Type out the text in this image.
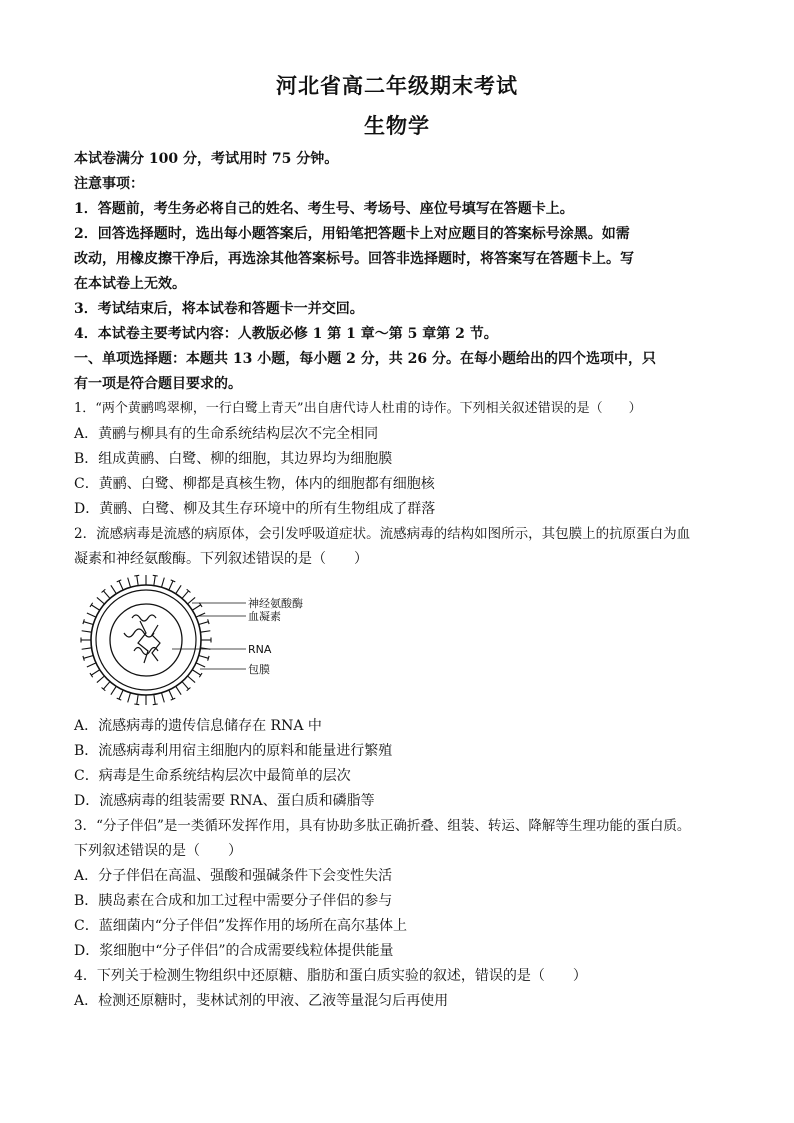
河北省高二年级期末考试
生物学
本试卷满分 100 分，考试用时 75 分钟。
注意事项：
1．答题前，考生务必将自己的姓名、考生号、考场号、座位号填写在答题卡上。
2．回答选择题时，选出每小题答案后，用铅笔把答题卡上对应题目的答案标号涂黑。如需
改动，用橡皮擦干净后，再选涂其他答案标号。回答非选择题时，将答案写在答题卡上。写
在本试卷上无效。
3．考试结束后，将本试卷和答题卡一并交回。
4．本试卷主要考试内容：人教版必修 1 第 1 章～第 5 章第 2 节。
一、单项选择题：本题共 13 小题，每小题 2 分，共 26 分。在每小题给出的四个选项中，只
有一项是符合题目要求的。
1．“两个黄鹂鸣翠柳，一行白鹭上青天”出自唐代诗人杜甫的诗作。下列相关叙述错误的是（　　）
A．黄鹂与柳具有的生命系统结构层次不完全相同
B．组成黄鹂、白鹭、柳的细胞，其边界均为细胞膜
C．黄鹂、白鹭、柳都是真核生物，体内的细胞都有细胞核
D．黄鹂、白鹭、柳及其生存环境中的所有生物组成了群落
2．流感病毒是流感的病原体，会引发呼吸道症状。流感病毒的结构如图所示，其包膜上的抗原蛋白为血
凝素和神经氨酸酶。下列叙述错误的是（　　）
神经氨酸酶
血凝素
RNA
包膜
A．流感病毒的遗传信息储存在 RNA 中
B．流感病毒利用宿主细胞内的原料和能量进行繁殖
C．病毒是生命系统结构层次中最简单的层次
D．流感病毒的组装需要 RNA、蛋白质和磷脂等
3．“分子伴侣”是一类循环发挥作用，具有协助多肽正确折叠、组装、转运、降解等生理功能的蛋白质。
下列叙述错误的是（　　）
A．分子伴侣在高温、强酸和强碱条件下会变性失活
B．胰岛素在合成和加工过程中需要分子伴侣的参与
C．蓝细菌内“分子伴侣”发挥作用的场所在高尔基体上
D．浆细胞中“分子伴侣”的合成需要线粒体提供能量
4．下列关于检测生物组织中还原糖、脂肪和蛋白质实验的叙述，错误的是（　　）
A．检测还原糖时，斐林试剂的甲液、乙液等量混匀后再使用
